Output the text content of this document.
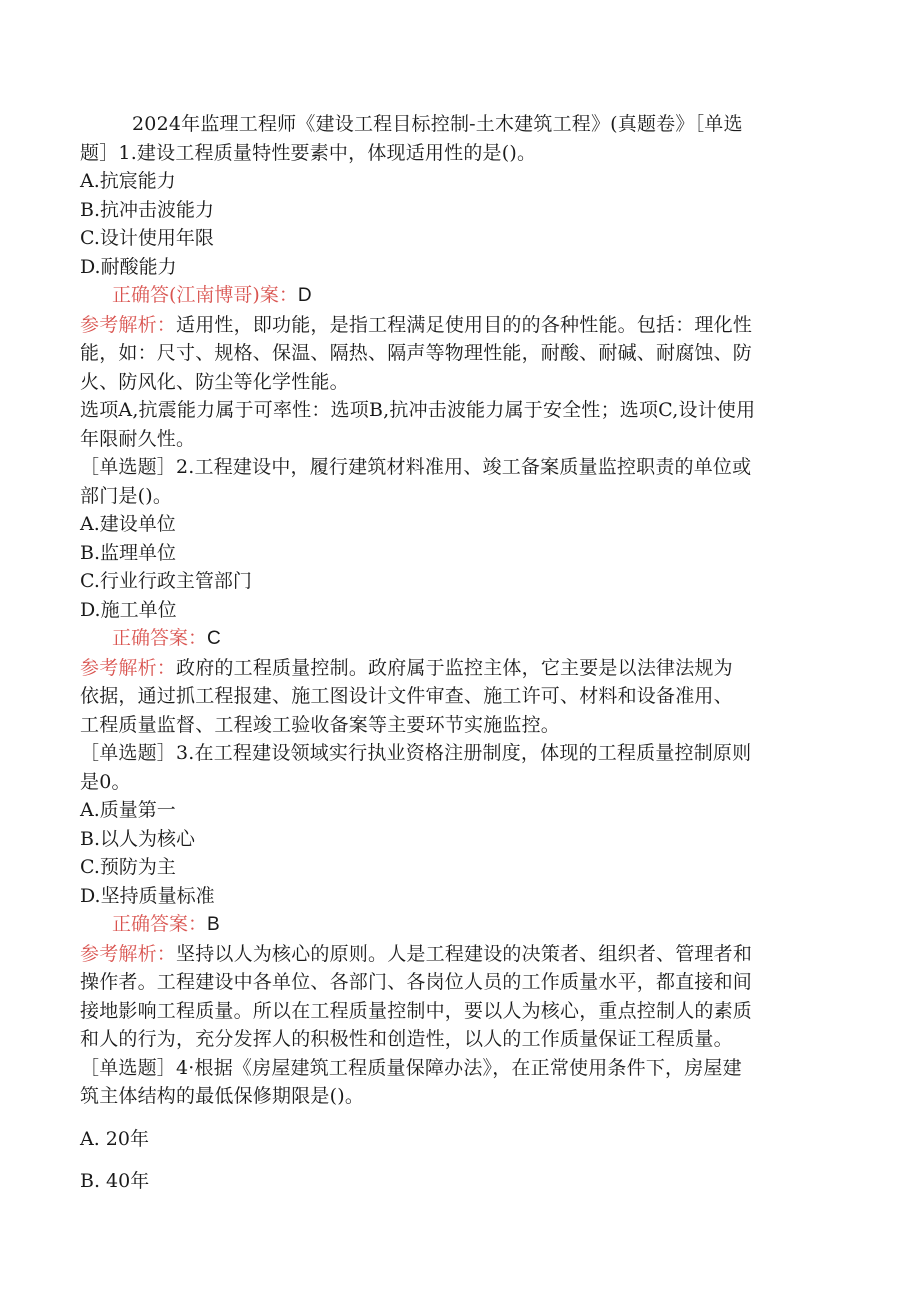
2024年监理工程师《建设工程目标控制-土木建筑工程》(真题卷》［单选
题］1.建设工程质量特性要素中，体现适用性的是()。
A.抗宸能力
B.抗冲击波能力
C.设计使用年限
D.耐酸能力
正确答(江南博哥)案：D
参考解析：适用性，即功能，是指工程满足使用目的的各种性能。包括：理化性
能，如：尺寸、规格、保温、隔热、隔声等物理性能，耐酸、耐碱、耐腐蚀、防
火、防风化、防尘等化学性能。
选项A,抗震能力属于可率性：选项B,抗冲击波能力属于安全性；选项C,设计使用
年限耐久性。
［单选题］2.工程建设中，履行建筑材料准用、竣工备案质量监控职责的单位或
部门是()。
A.建设单位
B.监理单位
C.行业行政主管部门
D.施工单位
正确答案：C
参考解析：政府的工程质量控制。政府属于监控主体，它主要是以法律法规为
依据，通过抓工程报建、施工图设计文件审查、施工许可、材料和设备准用、
工程质量监督、工程竣工验收备案等主要环节实施监控。
［单选题］3.在工程建设领域实行执业资格注册制度，体现的工程质量控制原则
是0。
A.质量第一
B.以人为核心
C.预防为主
D.坚持质量标准
正确答案：B
参考解析：坚持以人为核心的原则。人是工程建设的决策者、组织者、管理者和
操作者。工程建设中各单位、各部门、各岗位人员的工作质量水平，都直接和间
接地影响工程质量。所以在工程质量控制中，要以人为核心，重点控制人的素质
和人的行为，充分发挥人的积极性和创造性，以人的工作质量保证工程质量。
［单选题］4·根据《房屋建筑工程质量保障办法》，在正常使用条件下，房屋建
筑主体结构的最低保修期限是()。
A. 20年
B. 40年
